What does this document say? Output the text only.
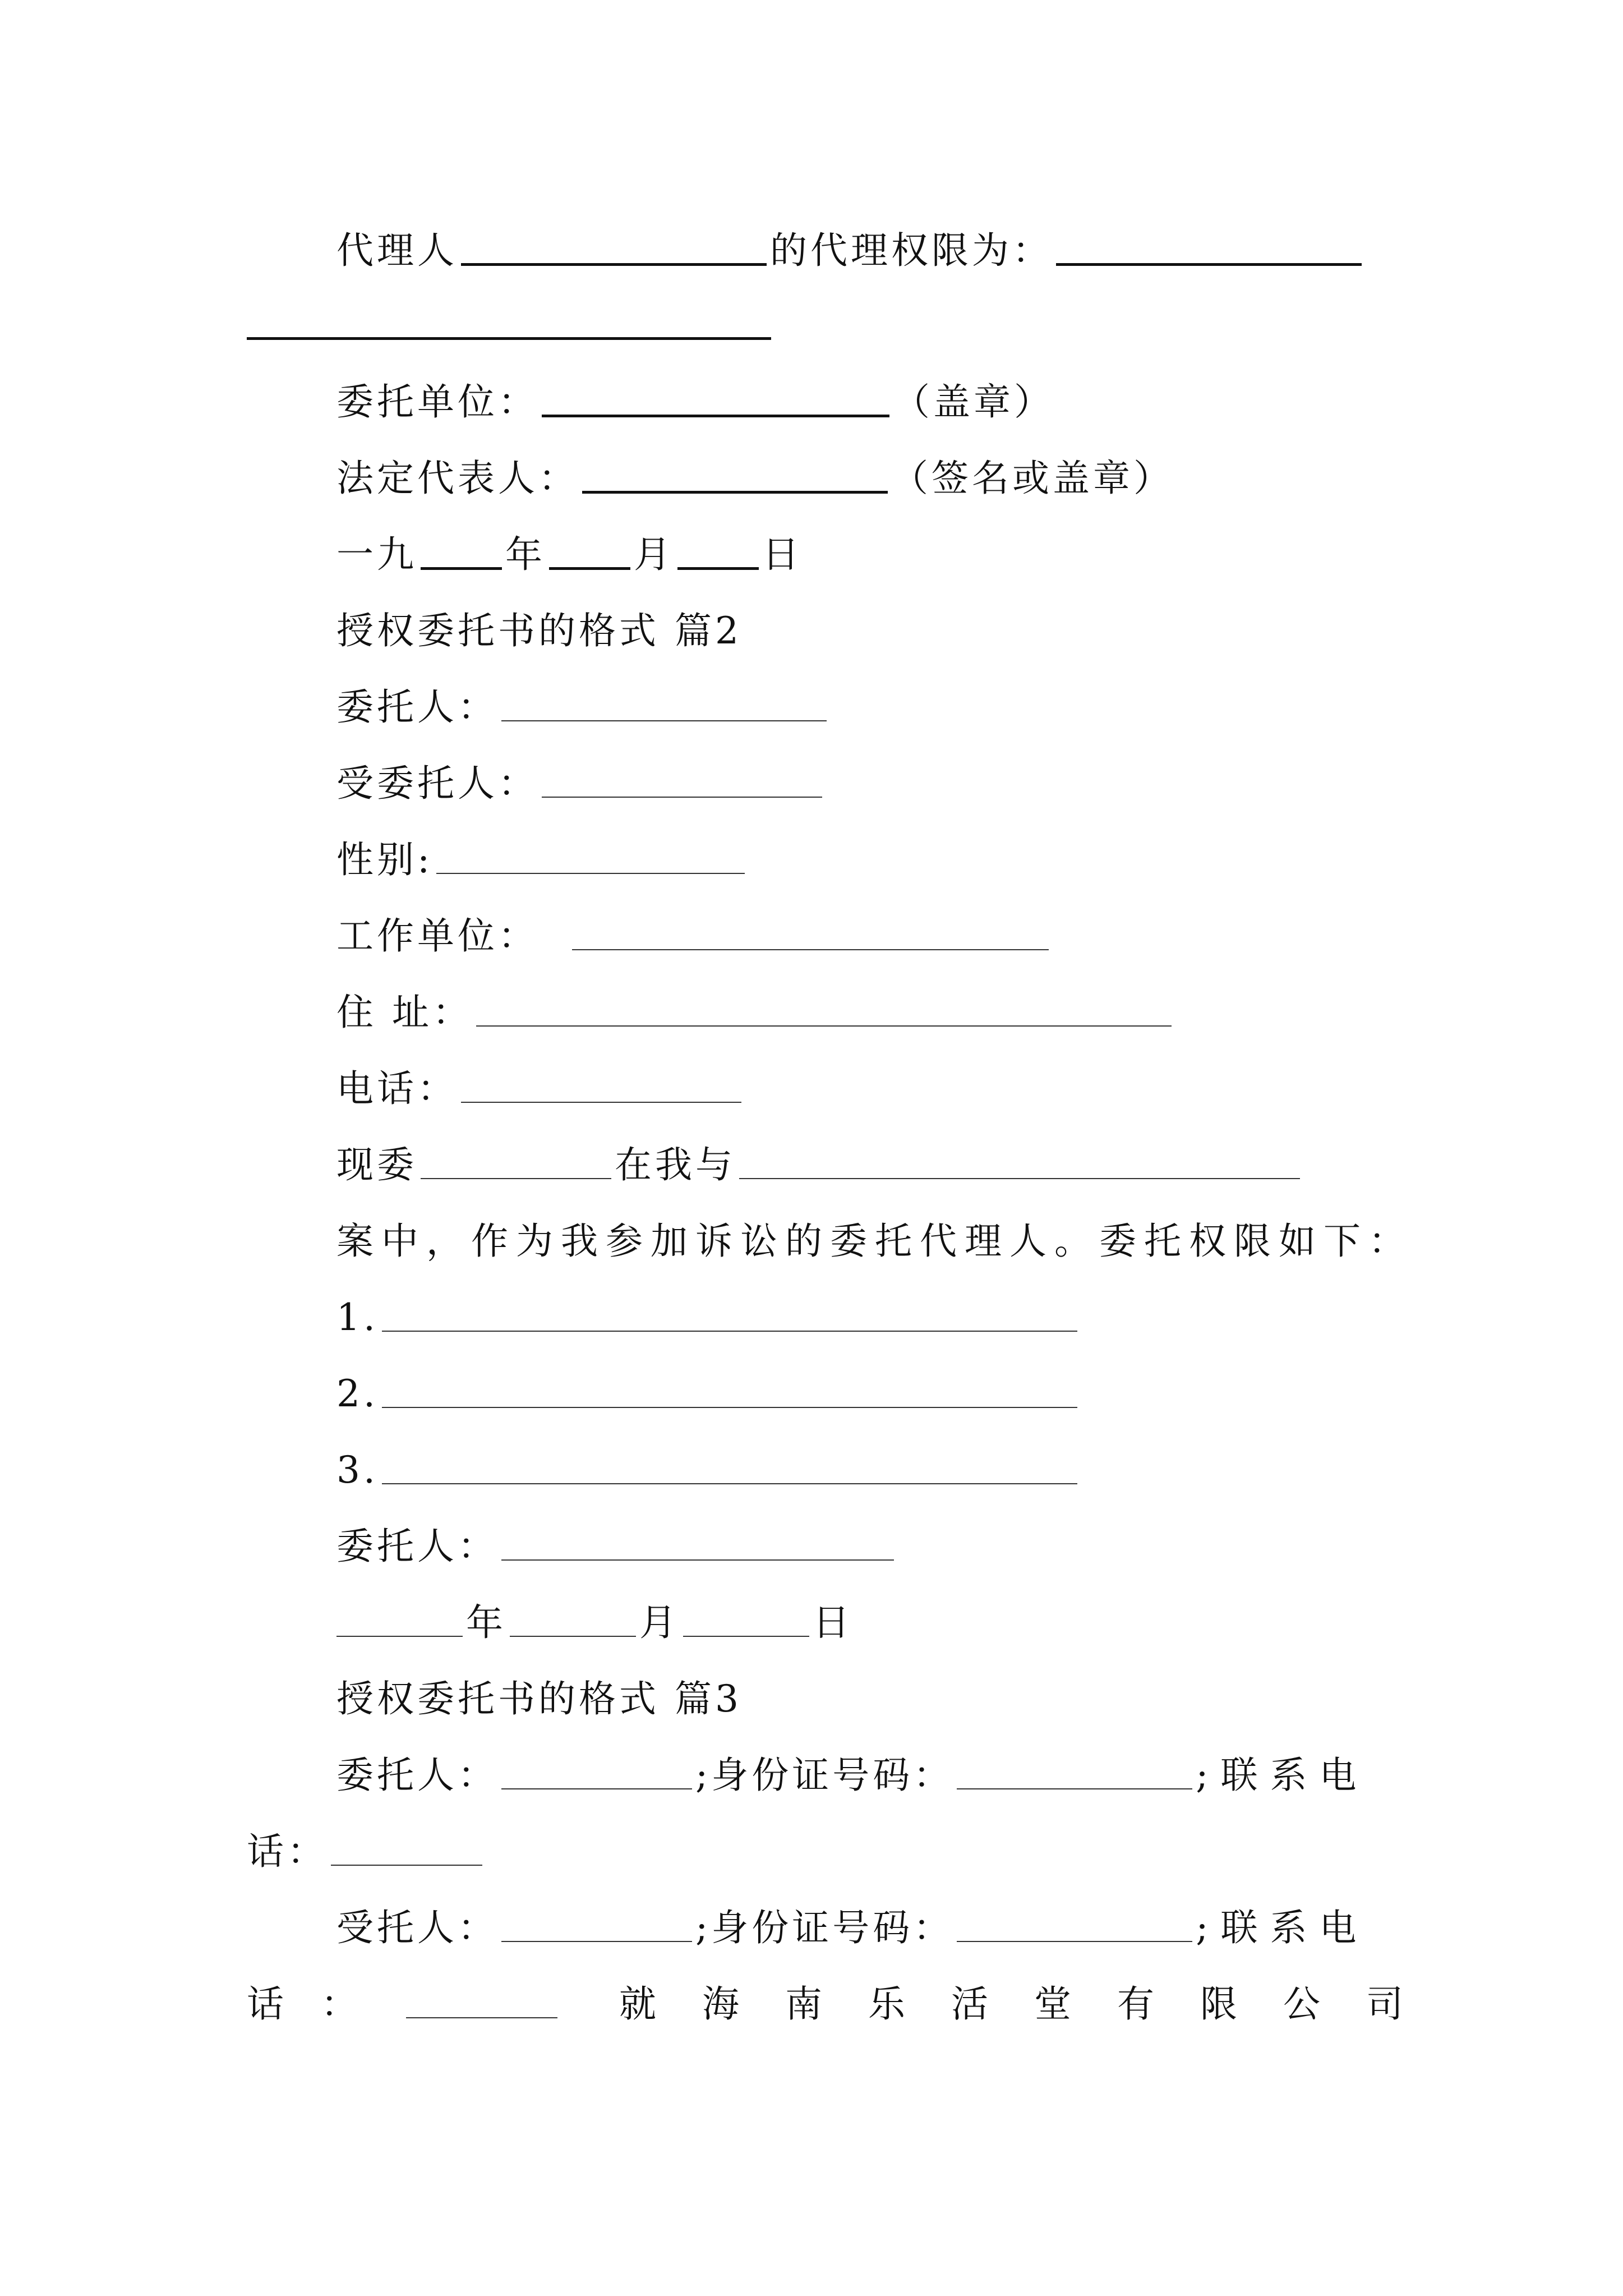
代理人	的代理权限为：
委托单位：	（盖章）
法定代表人：	（签名或盖章）
一九 年 月 日
授权委托书的格式 篇2
委托人：
受委托人：
性别:
工作单位：
住 址：
电话：
现委	在我与
案中，作为我参加诉讼的委托代理人。委托权限如下：
1.
2.
3.
委托人：
年	月	日
授权委托书的格式 篇3
委托人：	;身份证号码：	;联系电
话：
受托人：	;身份证号码：	;联系电
话 ：	就海南乐活堂有限公司
